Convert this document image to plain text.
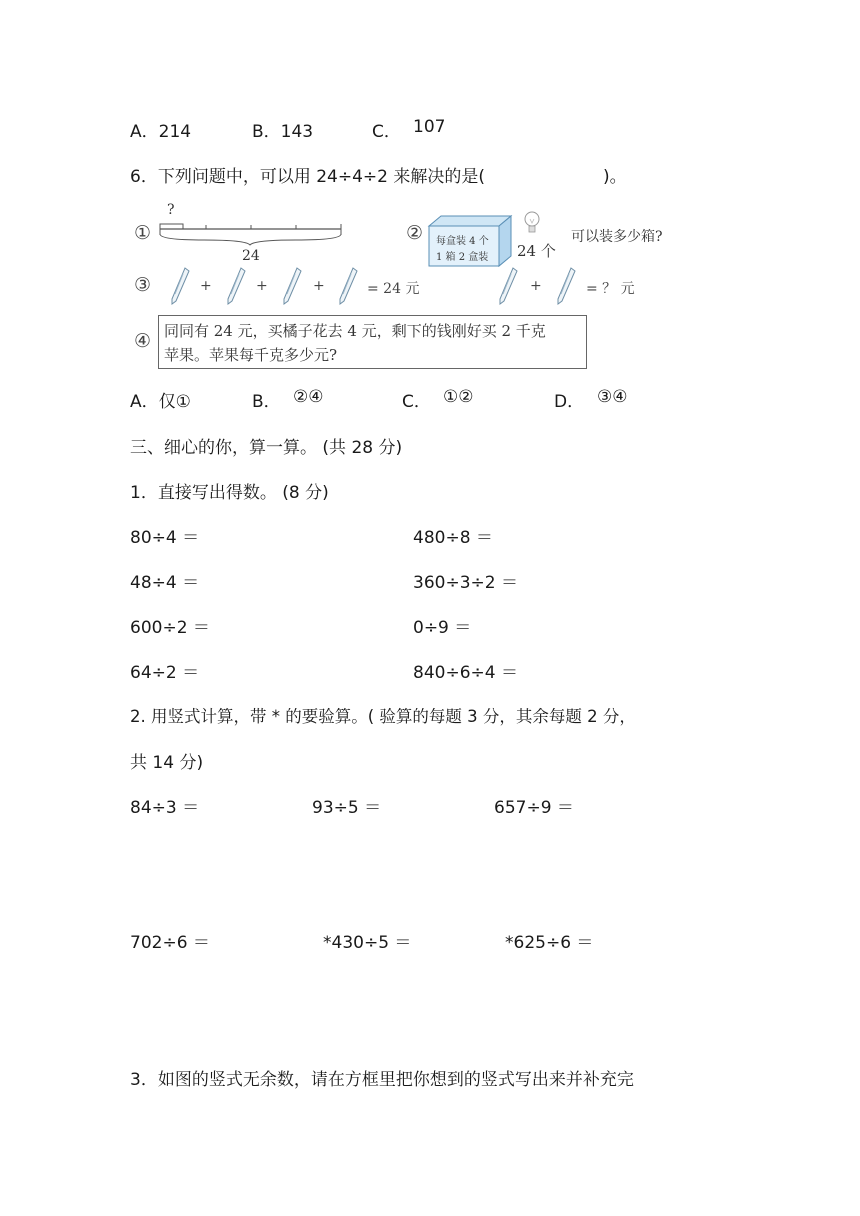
A．214	B．143	C． 107
6．下列问题中，可以用 24÷4÷2 来解决的是(	)。
①
?
24
② 每盒装 4 个
1 箱 2 盒装 24 个
可以装多少箱?
③	+	+	+	= 24 元	+	= ？ 元
④ 同同有 24 元，买橘子花去 4 元，剩下的钱刚好买 2 千克
苹果。苹果每千克多少元?
A．仅①	B． ②④	C． ①②	D． ③④
三、细心的你，算一算。 (共 28 分)
1．直接写出得数。 (8 分)
80÷4 ＝	480÷8 ＝
48÷4 ＝	360÷3÷2 ＝
600÷2 ＝	0÷9 ＝
64÷2 ＝	840÷6÷4 ＝
2. 用竖式计算，带 * 的要验算。( 验算的每题 3 分，其余每题 2 分，
共 14 分)
84÷3 ＝	93÷5 ＝	657÷9 ＝
702÷6 ＝	*430÷5 ＝	*625÷6 ＝
3．如图的竖式无余数，请在方框里把你想到的竖式写出来并补充完
